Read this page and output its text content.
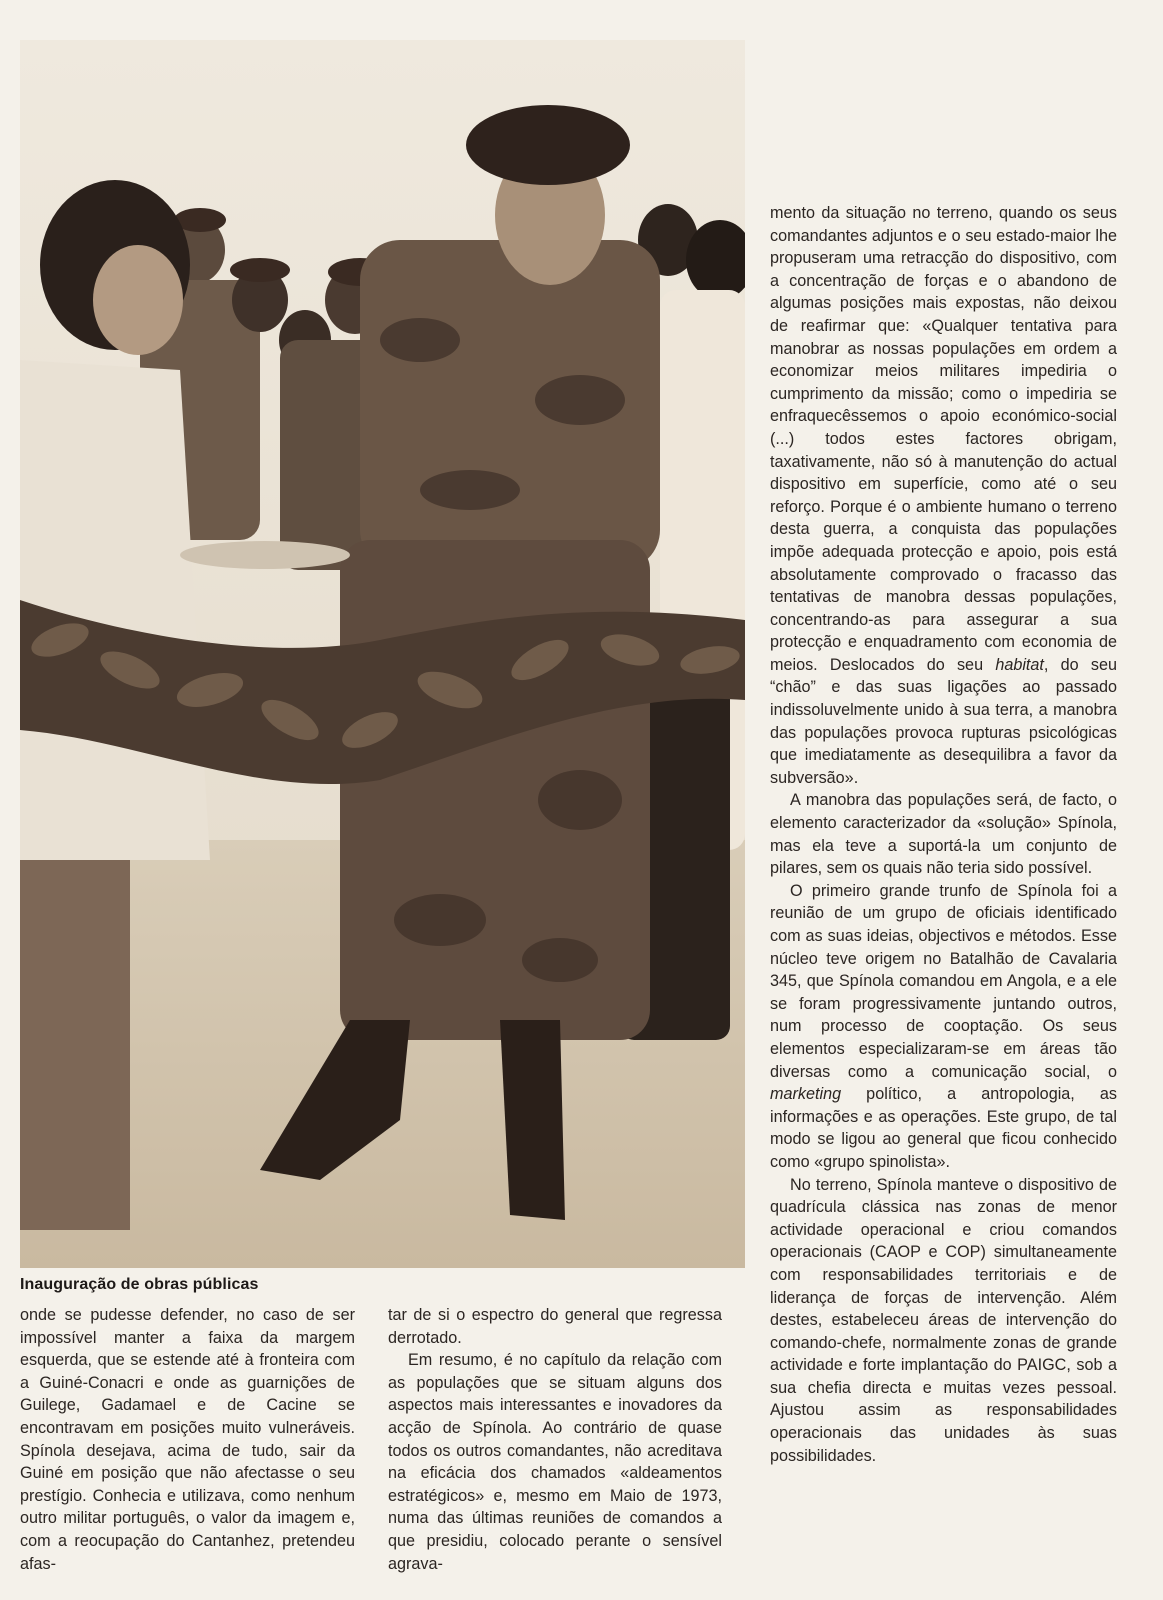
Inauguração de obras públicas

onde se pudesse defender, no caso de ser impossível manter a faixa da margem esquerda, que se estende até à fronteira com a Guiné-Conacri e onde as guarnições de Guilege, Gadamael e de Cacine se encontravam em posições muito vulneráveis. Spínola desejava, acima de tudo, sair da Guiné em posição que não afectasse o seu prestígio. Conhecia e utilizava, como nenhum outro militar português, o valor da imagem e, com a reocupação do Cantanhez, pretendeu afas-

tar de si o espectro do general que regressa derrotado.

Em resumo, é no capítulo da relação com as populações que se situam alguns dos aspectos mais interessantes e inovadores da acção de Spínola. Ao contrário de quase todos os outros comandantes, não acreditava na eficácia dos chamados «aldeamentos estratégicos» e, mesmo em Maio de 1973, numa das últimas reuniões de comandos a que presidiu, colocado perante o sensível agrava-

mento da situação no terreno, quando os seus comandantes adjuntos e o seu estado-maior lhe propuseram uma retracção do dispositivo, com a concentração de forças e o abandono de algumas posições mais expostas, não deixou de reafirmar que: «Qualquer tentativa para manobrar as nossas populações em ordem a economizar meios militares impediria o cumprimento da missão; como o impediria se enfraquecêssemos o apoio económico-social (...) todos estes factores obrigam, taxativamente, não só à manutenção do actual dispositivo em superfície, como até o seu reforço. Porque é o ambiente humano o terreno desta guerra, a conquista das populações impõe adequada protecção e apoio, pois está absolutamente comprovado o fracasso das tentativas de manobra dessas populações, concentrando-as para assegurar a sua protecção e enquadramento com economia de meios. Deslocados do seu habitat, do seu “chão” e das suas ligações ao passado indissoluvelmente unido à sua terra, a manobra das populações provoca rupturas psicológicas que imediatamente as desequilibra a favor da subversão».

A manobra das populações será, de facto, o elemento caracterizador da «solução» Spínola, mas ela teve a suportá-la um conjunto de pilares, sem os quais não teria sido possível.

O primeiro grande trunfo de Spínola foi a reunião de um grupo de oficiais identificado com as suas ideias, objectivos e métodos. Esse núcleo teve origem no Batalhão de Cavalaria 345, que Spínola comandou em Angola, e a ele se foram progressivamente juntando outros, num processo de cooptação. Os seus elementos especializaram-se em áreas tão diversas como a comunicação social, o marketing político, a antropologia, as informações e as operações. Este grupo, de tal modo se ligou ao general que ficou conhecido como «grupo spinolista».

No terreno, Spínola manteve o dispositivo de quadrícula clássica nas zonas de menor actividade operacional e criou comandos operacionais (CAOP e COP) simultaneamente com responsabilidades territoriais e de liderança de forças de intervenção. Além destes, estabeleceu áreas de intervenção do comando-chefe, normalmente zonas de grande actividade e forte implantação do PAIGC, sob a sua chefia directa e muitas vezes pessoal. Ajustou assim as responsabilidades operacionais das unidades às suas possibilidades.
